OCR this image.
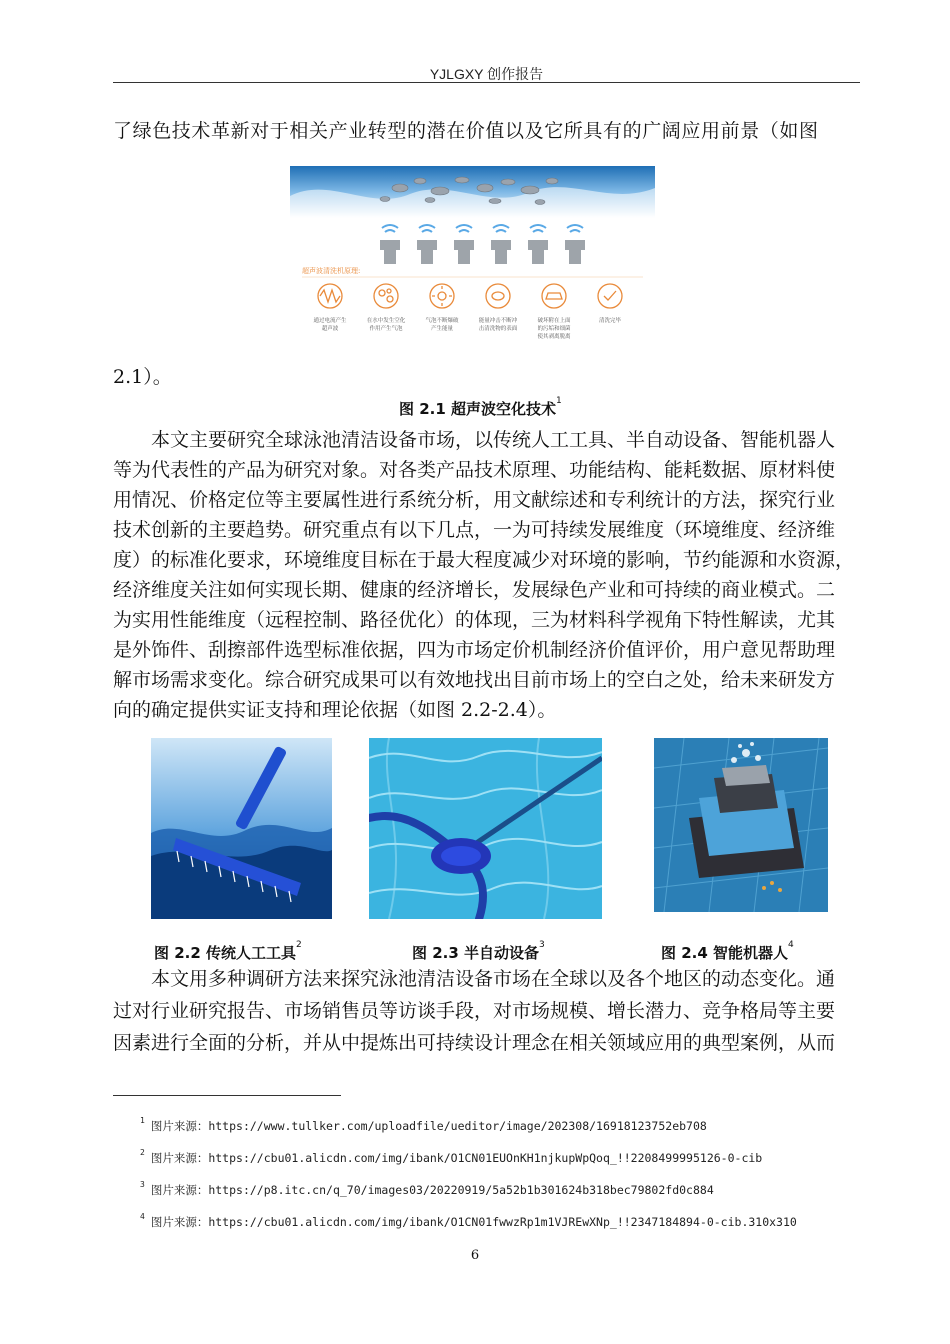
YJLGXY 创作报告
了绿色技术革新对于相关产业转型的潜在价值以及它所具有的广阔应用前景（如图
超声波清洗机原理:
通过电流产生
超声波
在水中发生空化
作用产生气泡
气泡不断爆破
产生能量
能量冲击不断冲
击清洗物的表面
破坏附在上面
的污垢和细菌
使其剥离脱离
清洗完毕
2.1）。
图 2.1 超声波空化技术$^1$
本文主要研究全球泳池清洁设备市场，以传统人工工具、半自动设备、智能机器人
等为代表性的产品为研究对象。对各类产品技术原理、功能结构、能耗数据、原材料使
用情况、价格定位等主要属性进行系统分析，用文献综述和专利统计的方法，探究行业
技术创新的主要趋势。研究重点有以下几点，一为可持续发展维度（环境维度、经济维
度）的标准化要求，环境维度目标在于最大程度减少对环境的影响，节约能源和水资源，
经济维度关注如何实现长期、健康的经济增长，发展绿色产业和可持续的商业模式。二
为实用性能维度（远程控制、路径优化）的体现，三为材料科学视角下特性解读，尤其
是外饰件、刮擦部件选型标准依据，四为市场定价机制经济价值评价，用户意见帮助理
解市场需求变化。综合研究成果可以有效地找出目前市场上的空白之处，给未来研发方
向的确定提供实证支持和理论依据（如图 2.2-2.4）。
图 2.2 传统人工工具$^2$	图 2.3 半自动设备$^3$	图 2.4 智能机器人$^4$
本文用多种调研方法来探究泳池清洁设备市场在全球以及各个地区的动态变化。通
过对行业研究报告、市场销售员等访谈手段，对市场规模、增长潜力、竞争格局等主要
因素进行全面的分析，并从中提炼出可持续设计理念在相关领域应用的典型案例，从而
$^1$ 图片来源：https://www.tullker.com/uploadfile/ueditor/image/202308/16918123752eb708
$^2$ 图片来源：https://cbu01.alicdn.com/img/ibank/O1CN01EUOnKH1njkupWpQoq_!!2208499995126-0-cib
$^3$ 图片来源：https://p8.itc.cn/q_70/images03/20220919/5a52b1b301624b318bec79802fd0c884
$^4$ 图片来源：https://cbu01.alicdn.com/img/ibank/O1CN01fwwzRp1m1VJREwXNp_!!2347184894-0-cib.310x310
6
